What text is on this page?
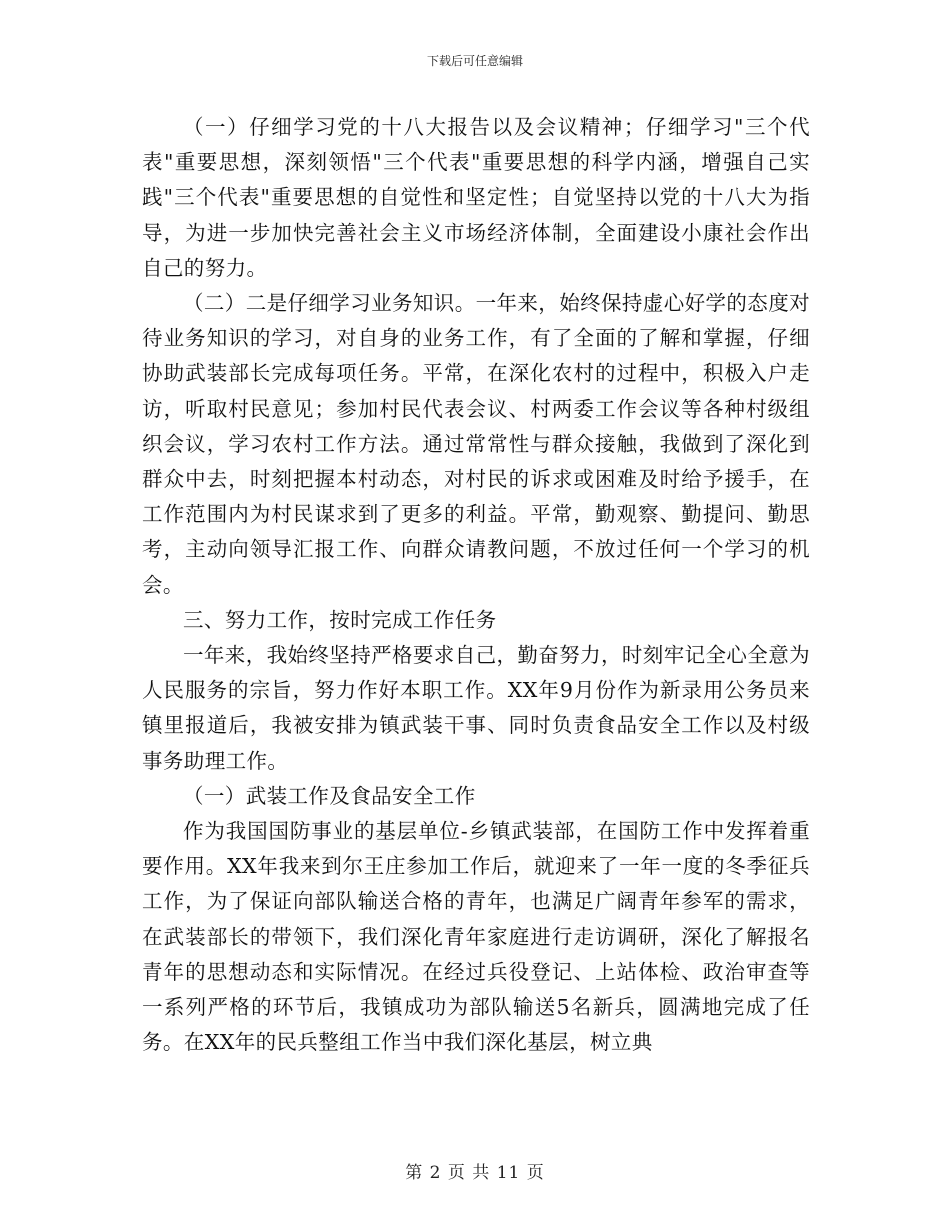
下载后可任意编辑

（一）仔细学习党的十八大报告以及会议精神；仔细学习"三个代表"重要思想，深刻领悟"三个代表"重要思想的科学内涵，增强自己实践"三个代表"重要思想的自觉性和坚定性；自觉坚持以党的十八大为指导，为进一步加快完善社会主义市场经济体制，全面建设小康社会作出自己的努力。

（二）二是仔细学习业务知识。一年来，始终保持虚心好学的态度对待业务知识的学习，对自身的业务工作，有了全面的了解和掌握，仔细协助武装部长完成每项任务。平常，在深化农村的过程中，积极入户走访，听取村民意见；参加村民代表会议、村两委工作会议等各种村级组织会议，学习农村工作方法。通过常常性与群众接触，我做到了深化到群众中去，时刻把握本村动态，对村民的诉求或困难及时给予援手，在工作范围内为村民谋求到了更多的利益。平常，勤观察、勤提问、勤思考，主动向领导汇报工作、向群众请教问题，不放过任何一个学习的机会。

三、努力工作，按时完成工作任务

一年来，我始终坚持严格要求自己，勤奋努力，时刻牢记全心全意为人民服务的宗旨，努力作好本职工作。XX年9月份作为新录用公务员来镇里报道后，我被安排为镇武装干事、同时负责食品安全工作以及村级事务助理工作。

（一）武装工作及食品安全工作

作为我国国防事业的基层单位-乡镇武装部，在国防工作中发挥着重要作用。XX年我来到尔王庄参加工作后，就迎来了一年一度的冬季征兵工作，为了保证向部队输送合格的青年，也满足广阔青年参军的需求，在武装部长的带领下，我们深化青年家庭进行走访调研，深化了解报名青年的思想动态和实际情况。在经过兵役登记、上站体检、政治审查等一系列严格的环节后，我镇成功为部队输送5名新兵，圆满地完成了任务。在XX年的民兵整组工作当中我们深化基层，树立典

第 2 页 共 11 页
